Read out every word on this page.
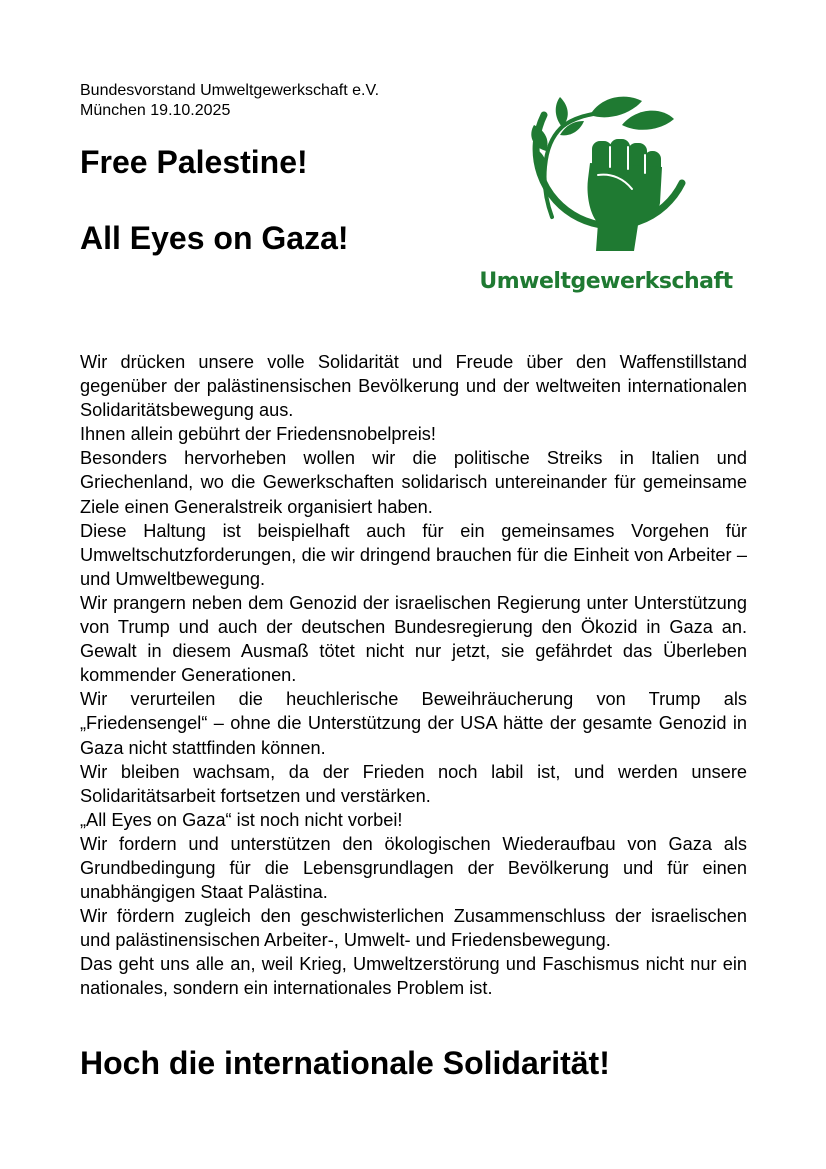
Bundesvorstand Umweltgewerkschaft e.V.
München 19.10.2025
Free Palestine!
All Eyes on Gaza!
Umweltgewerkschaft

Wir drücken unsere volle Solidarität und Freude über den Waffenstillstand gegenüber der palästinensischen Bevölkerung und der weltweiten internationalen Solidaritätsbewegung aus.

Ihnen allein gebührt der Friedensnobelpreis!

Besonders hervorheben wollen wir die politische Streiks in Italien und Griechenland, wo die Gewerkschaften solidarisch untereinander für gemeinsame Ziele einen Generalstreik organisiert haben.

Diese Haltung ist beispielhaft auch für ein gemeinsames Vorgehen für Umweltschutzforderungen, die wir dringend brauchen für die Einheit von Arbeiter – und Umweltbewegung.

Wir prangern neben dem Genozid der israelischen Regierung unter Unterstützung von Trump und auch der deutschen Bundesregierung den Ökozid in Gaza an. Gewalt in diesem Ausmaß tötet nicht nur jetzt, sie gefährdet das Überleben kommender Generationen.

Wir verurteilen die heuchlerische Beweihräucherung von Trump als „Friedensengel“ – ohne die Unterstützung der USA hätte der gesamte Genozid in Gaza nicht stattfinden können.

Wir bleiben wachsam, da der Frieden noch labil ist, und werden unsere Solidaritätsarbeit fortsetzen und verstärken.

„All Eyes on Gaza“ ist noch nicht vorbei!

Wir fordern und unterstützen den ökologischen Wiederaufbau von Gaza als Grundbedingung für die Lebensgrundlagen der Bevölkerung und für einen unabhängigen Staat Palästina.

Wir fördern zugleich den geschwisterlichen Zusammenschluss der israelischen und palästinensischen Arbeiter-, Umwelt- und Friedensbewegung.

Das geht uns alle an, weil Krieg, Umweltzerstörung und Faschismus nicht nur ein nationales, sondern ein internationales Problem ist.

Hoch die internationale Solidarität!
